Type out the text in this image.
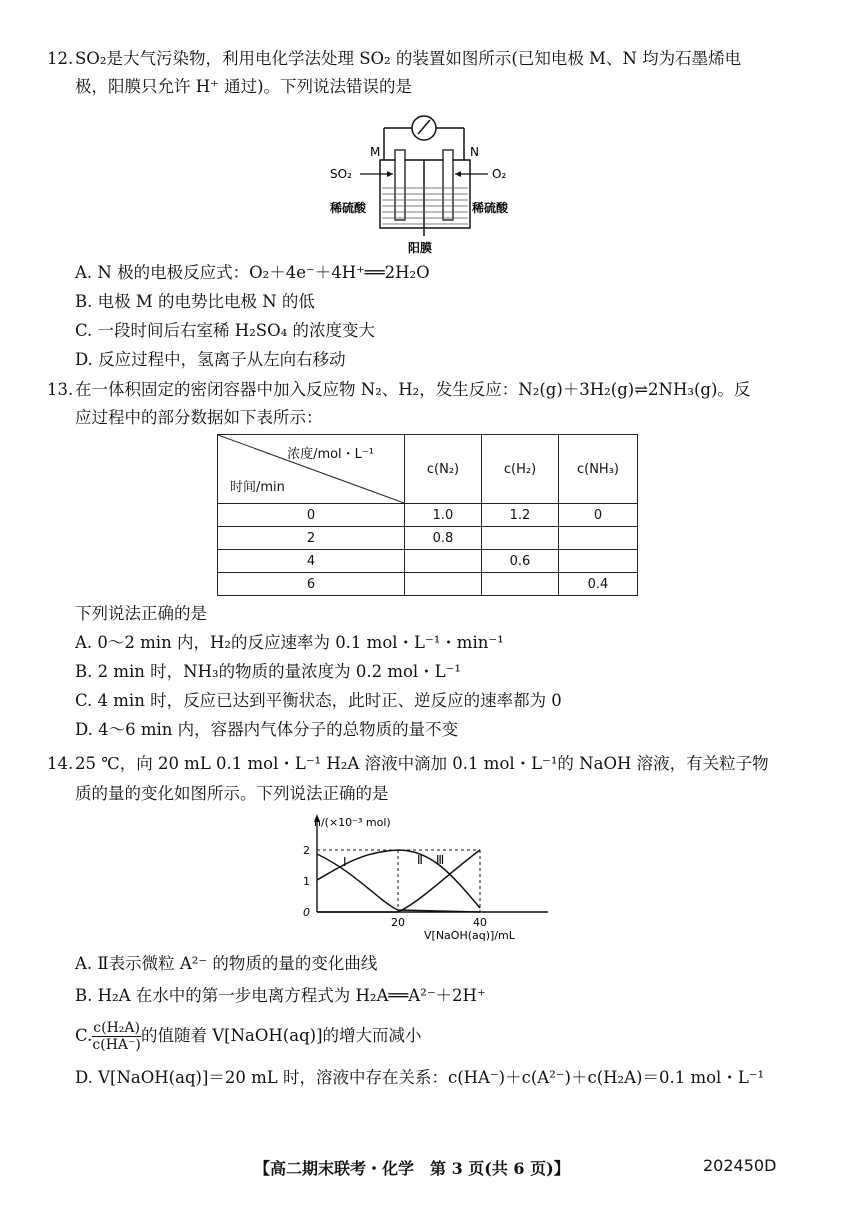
12. SO₂是大气污染物，利用电化学法处理 SO₂ 的装置如图所示(已知电极 M、N 均为石墨烯电
极，阳膜只允许 H⁺ 通过)。下列说法错误的是
M	N
SO₂	O₂
稀硫酸	稀硫酸
阳膜
A. N 极的电极反应式：O₂＋4e⁻＋4H⁺══2H₂O
B. 电极 M 的电势比电极 N 的低
C. 一段时间后右室稀 H₂SO₄ 的浓度变大
D. 反应过程中，氢离子从左向右移动
13. 在一体积固定的密闭容器中加入反应物 N₂、H₂，发生反应：N₂(g)＋3H₂(g)⇌2NH₃(g)。反
应过程中的部分数据如下表所示：
浓度/mol・L⁻¹
时间/min	c(N₂)	c(H₂)	c(NH₃)
0	1.0	1.2	0
2	0.8		
4		0.6	
6			0.4
下列说法正确的是
A. 0～2 min 内，H₂的反应速率为 0.1 mol・L⁻¹・min⁻¹
B. 2 min 时，NH₃的物质的量浓度为 0.2 mol・L⁻¹
C. 4 min 时，反应已达到平衡状态，此时正、逆反应的速率都为 0
D. 4～6 min 内，容器内气体分子的总物质的量不变
14. 25 ℃，向 20 mL 0.1 mol・L⁻¹ H₂A 溶液中滴加 0.1 mol・L⁻¹的 NaOH 溶液，有关粒子物
质的量的变化如图所示。下列说法正确的是
n/(×10⁻³ mol)
2
1
0
20	40
V[NaOH(aq)]/mL
Ⅰ	Ⅱ Ⅲ
A. Ⅱ表示微粒 A²⁻ 的物质的量的变化曲线
B. H₂A 在水中的第一步电离方程式为 H₂A══A²⁻＋2H⁺
C. $\frac{\text{c(H₂A)}}{c(HA^-)}$ 的值随着 V[NaOH(aq)]的增大而减小
D. V[NaOH(aq)]＝20 mL 时，溶液中存在关系：c(HA⁻)＋c(A²⁻)＋c(H₂A)＝0.1 mol・L⁻¹
【高二期末联考・化学　第 3 页(共 6 页)】	202450D
